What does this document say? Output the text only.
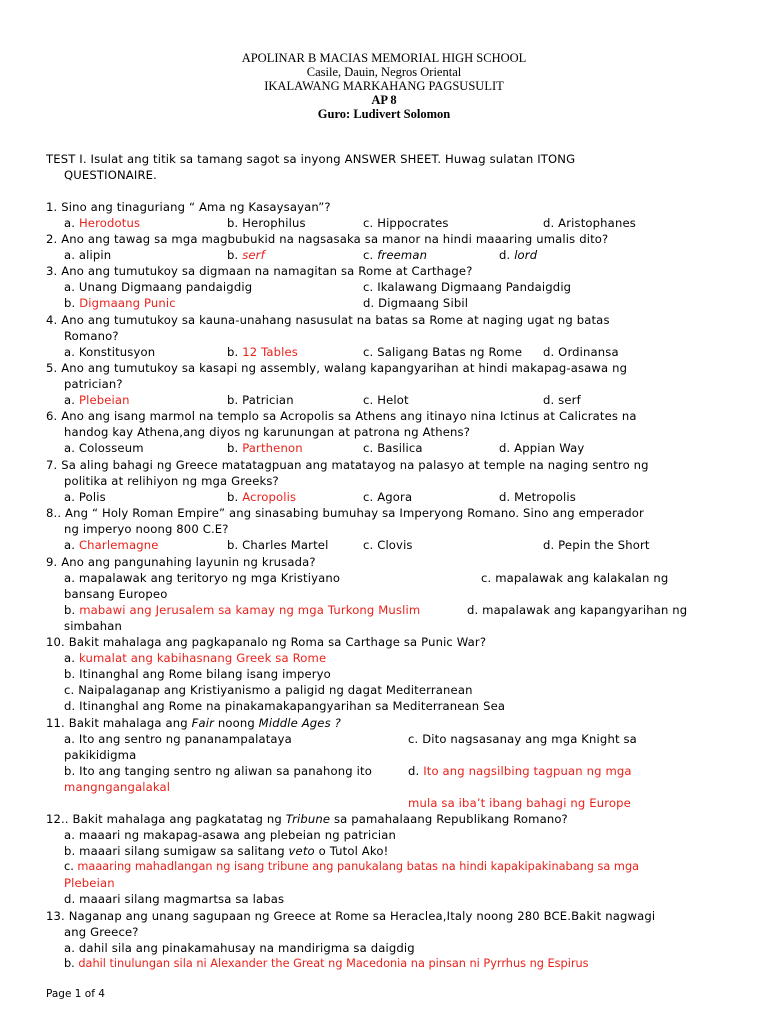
APOLINAR B MACIAS MEMORIAL HIGH SCHOOL
Casile, Dauin, Negros Oriental
IKALAWANG MARKAHANG PAGSUSULIT
AP 8
Guro: Ludivert Solomon
TEST I. Isulat ang titik sa tamang sagot sa inyong ANSWER SHEET. Huwag sulatan ITONG
QUESTIONAIRE.
1. Sino ang tinaguriang “ Ama ng Kasaysayan”?
a. Herodotus	b. Herophilus	c. Hippocrates	d. Aristophanes
2. Ano ang tawag sa mga magbubukid na nagsasaka sa manor na hindi maaaring umalis dito?
a. alipin	b. serf	c. freeman	d. lord
3. Ano ang tumutukoy sa digmaan na namagitan sa Rome at Carthage?
a. Unang Digmaang pandaigdig	c. Ikalawang Digmaang Pandaigdig
b. Digmaang Punic	d. Digmaang Sibil
4. Ano ang tumutukoy sa kauna-unahang nasusulat na batas sa Rome at naging ugat ng batas
Romano?
a. Konstitusyon	b. 12 Tables	c. Saligang Batas ng Rome d. Ordinansa
5. Ano ang tumutukoy sa kasapi ng assembly, walang kapangyarihan at hindi makapag-asawa ng
patrician?
a. Plebeian	b. Patrician	c. Helot	d. serf
6. Ano ang isang marmol na templo sa Acropolis sa Athens ang itinayo nina Ictinus at Calicrates na
handog kay Athena,ang diyos ng karunungan at patrona ng Athens?
a. Colosseum	b. Parthenon	c. Basilica	d. Appian Way
7. Sa aling bahagi ng Greece matatagpuan ang matatayog na palasyo at temple na naging sentro ng
politika at relihiyon ng mga Greeks?
a. Polis	b. Acropolis	c. Agora	d. Metropolis
8.. Ang “ Holy Roman Empire” ang sinasabing bumuhay sa Imperyong Romano. Sino ang emperador
ng imperyo noong 800 C.E?
a. Charlemagne	b. Charles Martel	c. Clovis	d. Pepin the Short
9. Ano ang pangunahing layunin ng krusada?
a. mapalawak ang teritoryo ng mga Kristiyano	c. mapalawak ang kalakalan ng
bansang Europeo
b. mabawi ang Jerusalem sa kamay ng mga Turkong Muslim	d. mapalawak ang kapangyarihan ng
simbahan
10. Bakit mahalaga ang pagkapanalo ng Roma sa Carthage sa Punic War?
a. kumalat ang kabihasnang Greek sa Rome
b. Itinanghal ang Rome bilang isang imperyo
c. Naipalaganap ang Kristiyanismo a paligid ng dagat Mediterranean
d. Itinanghal ang Rome na pinakamakapangyarihan sa Mediterranean Sea
11. Bakit mahalaga ang Fair noong Middle Ages ?
a. Ito ang sentro ng pananampalataya	c. Dito nagsasanay ang mga Knight sa
pakikidigma
b. Ito ang tanging sentro ng aliwan sa panahong ito	d. Ito ang nagsilbing tagpuan ng mga
mangngangalakal
mula sa iba’t ibang bahagi ng Europe
12.. Bakit mahalaga ang pagkatatag ng Tribune sa pamahalaang Republikang Romano?
a. maaari ng makapag-asawa ang plebeian ng patrician
b. maaari silang sumigaw sa salitang veto o Tutol Ako!
c. maaaring mahadlangan ng isang tribune ang panukalang batas na hindi kapakipakinabang sa mga
Plebeian
d. maaari silang magmartsa sa labas
13. Naganap ang unang sagupaan ng Greece at Rome sa Heraclea,Italy noong 280 BCE.Bakit nagwagi
ang Greece?
a. dahil sila ang pinakamahusay na mandirigma sa daigdig
b. dahil tinulungan sila ni Alexander the Great ng Macedonia na pinsan ni Pyrrhus ng Espirus
Page 1 of 4
